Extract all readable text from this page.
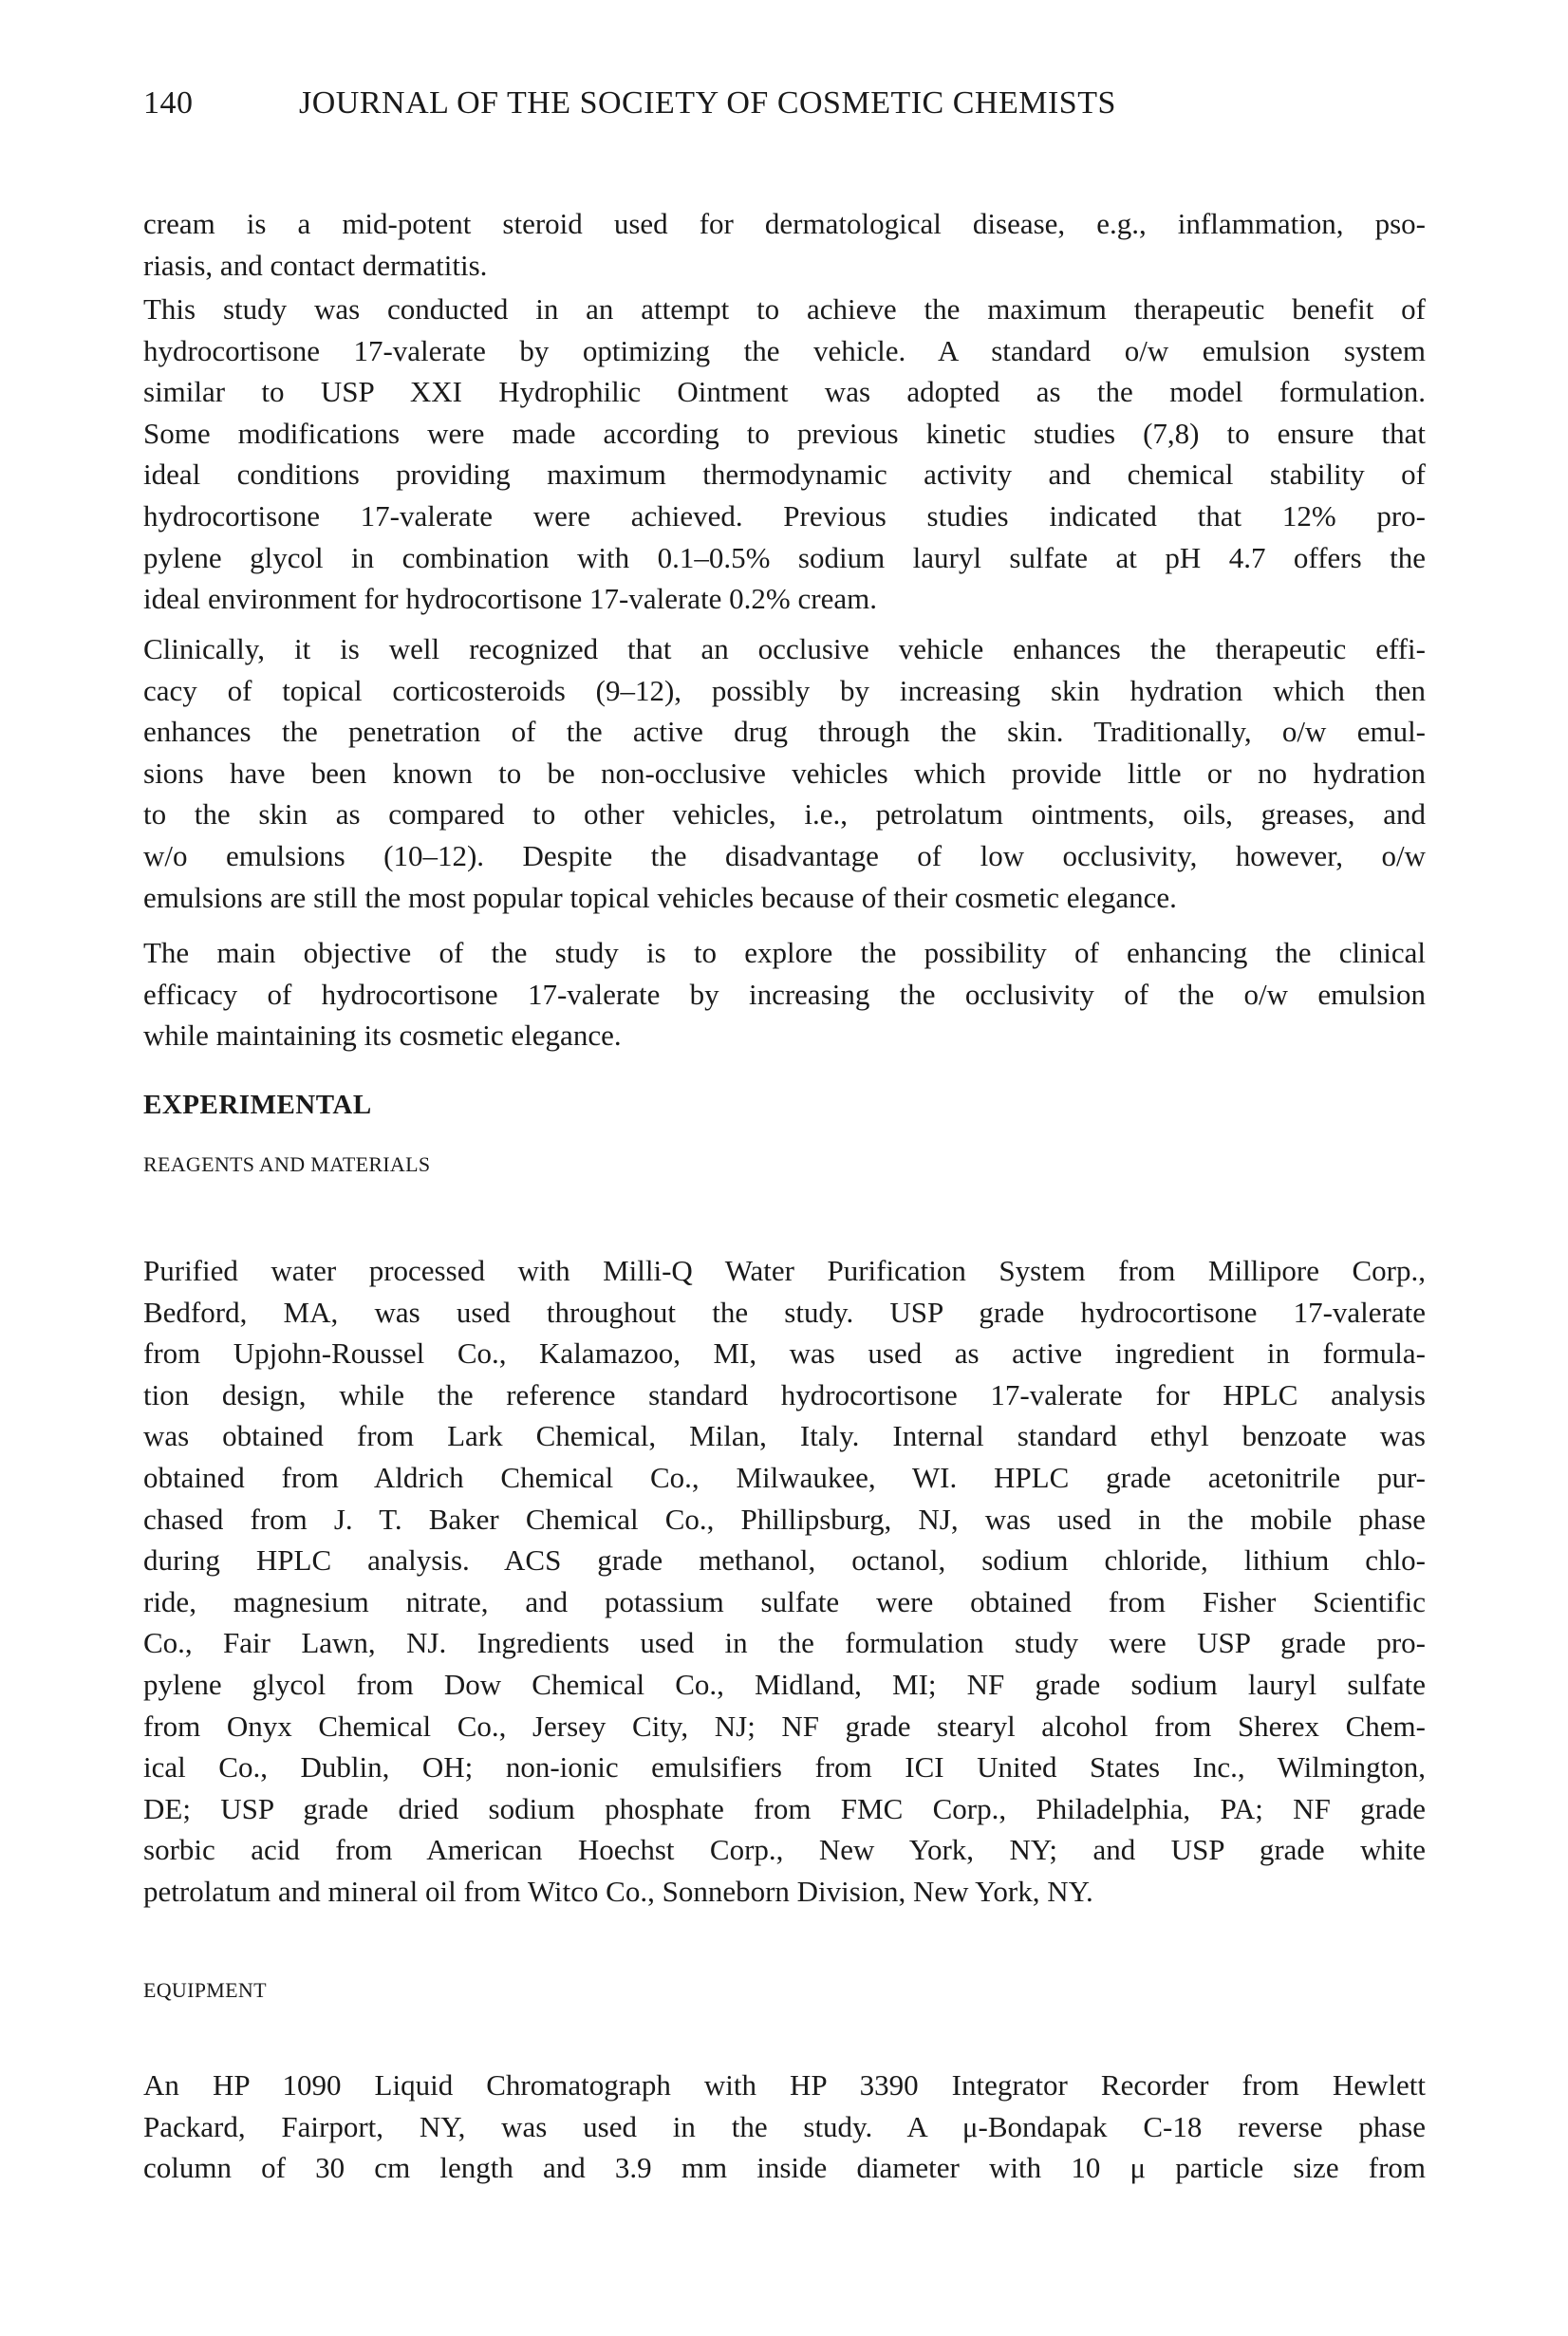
140	JOURNAL OF THE SOCIETY OF COSMETIC CHEMISTS
cream is a mid-potent steroid used for dermatological disease, e.g., inflammation, pso-
riasis, and contact dermatitis.
This study was conducted in an attempt to achieve the maximum therapeutic benefit of
hydrocortisone 17-valerate by optimizing the vehicle. A standard o/w emulsion system
similar to USP XXI Hydrophilic Ointment was adopted as the model formulation.
Some modifications were made according to previous kinetic studies (7,8) to ensure that
ideal conditions providing maximum thermodynamic activity and chemical stability of
hydrocortisone 17-valerate were achieved. Previous studies indicated that 12% pro-
pylene glycol in combination with 0.1–0.5% sodium lauryl sulfate at pH 4.7 offers the
ideal environment for hydrocortisone 17-valerate 0.2% cream.
Clinically, it is well recognized that an occlusive vehicle enhances the therapeutic effi-
cacy of topical corticosteroids (9–12), possibly by increasing skin hydration which then
enhances the penetration of the active drug through the skin. Traditionally, o/w emul-
sions have been known to be non-occlusive vehicles which provide little or no hydration
to the skin as compared to other vehicles, i.e., petrolatum ointments, oils, greases, and
w/o emulsions (10–12). Despite the disadvantage of low occlusivity, however, o/w
emulsions are still the most popular topical vehicles because of their cosmetic elegance.
The main objective of the study is to explore the possibility of enhancing the clinical
efficacy of hydrocortisone 17-valerate by increasing the occlusivity of the o/w emulsion
while maintaining its cosmetic elegance.
EXPERIMENTAL
REAGENTS AND MATERIALS
Purified water processed with Milli-Q Water Purification System from Millipore Corp.,
Bedford, MA, was used throughout the study. USP grade hydrocortisone 17-valerate
from Upjohn-Roussel Co., Kalamazoo, MI, was used as active ingredient in formula-
tion design, while the reference standard hydrocortisone 17-valerate for HPLC analysis
was obtained from Lark Chemical, Milan, Italy. Internal standard ethyl benzoate was
obtained from Aldrich Chemical Co., Milwaukee, WI. HPLC grade acetonitrile pur-
chased from J. T. Baker Chemical Co., Phillipsburg, NJ, was used in the mobile phase
during HPLC analysis. ACS grade methanol, octanol, sodium chloride, lithium chlo-
ride, magnesium nitrate, and potassium sulfate were obtained from Fisher Scientific
Co., Fair Lawn, NJ. Ingredients used in the formulation study were USP grade pro-
pylene glycol from Dow Chemical Co., Midland, MI; NF grade sodium lauryl sulfate
from Onyx Chemical Co., Jersey City, NJ; NF grade stearyl alcohol from Sherex Chem-
ical Co., Dublin, OH; non-ionic emulsifiers from ICI United States Inc., Wilmington,
DE; USP grade dried sodium phosphate from FMC Corp., Philadelphia, PA; NF grade
sorbic acid from American Hoechst Corp., New York, NY; and USP grade white
petrolatum and mineral oil from Witco Co., Sonneborn Division, New York, NY.
EQUIPMENT
An HP 1090 Liquid Chromatograph with HP 3390 Integrator Recorder from Hewlett
Packard, Fairport, NY, was used in the study. A μ-Bondapak C-18 reverse phase
column of 30 cm length and 3.9 mm inside diameter with 10 μ particle size from
